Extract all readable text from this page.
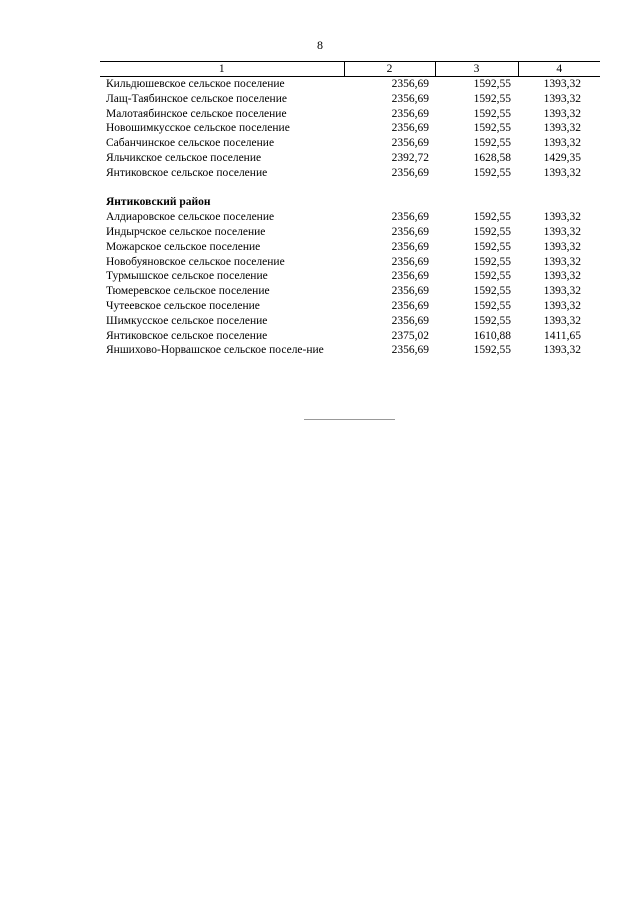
8
1	2	3	4
Кильдюшевское сельское поселение	2356,69	1592,55	1393,32
Лащ-Таябинское сельское поселение	2356,69	1592,55	1393,32
Малотаябинское сельское поселение	2356,69	1592,55	1393,32
Новошимкусское сельское поселение	2356,69	1592,55	1393,32
Сабанчинское сельское поселение	2356,69	1592,55	1393,32
Яльчикское сельское поселение	2392,72	1628,58	1429,35
Янтиковское сельское поселение	2356,69	1592,55	1393,32

Янтиковский район			
Алдиаровское сельское поселение	2356,69	1592,55	1393,32
Индырчское сельское поселение	2356,69	1592,55	1393,32
Можарское сельское поселение	2356,69	1592,55	1393,32
Новобуяновское сельское поселение	2356,69	1592,55	1393,32
Турмышское сельское поселение	2356,69	1592,55	1393,32
Тюмеревское сельское поселение	2356,69	1592,55	1393,32
Чутеевское сельское поселение	2356,69	1592,55	1393,32
Шимкусское сельское поселение	2356,69	1592,55	1393,32
Янтиковское сельское поселение	2375,02	1610,88	1411,65
Яншихово-Норвашское сельское поселе-ние	2356,69	1592,55	1393,32
